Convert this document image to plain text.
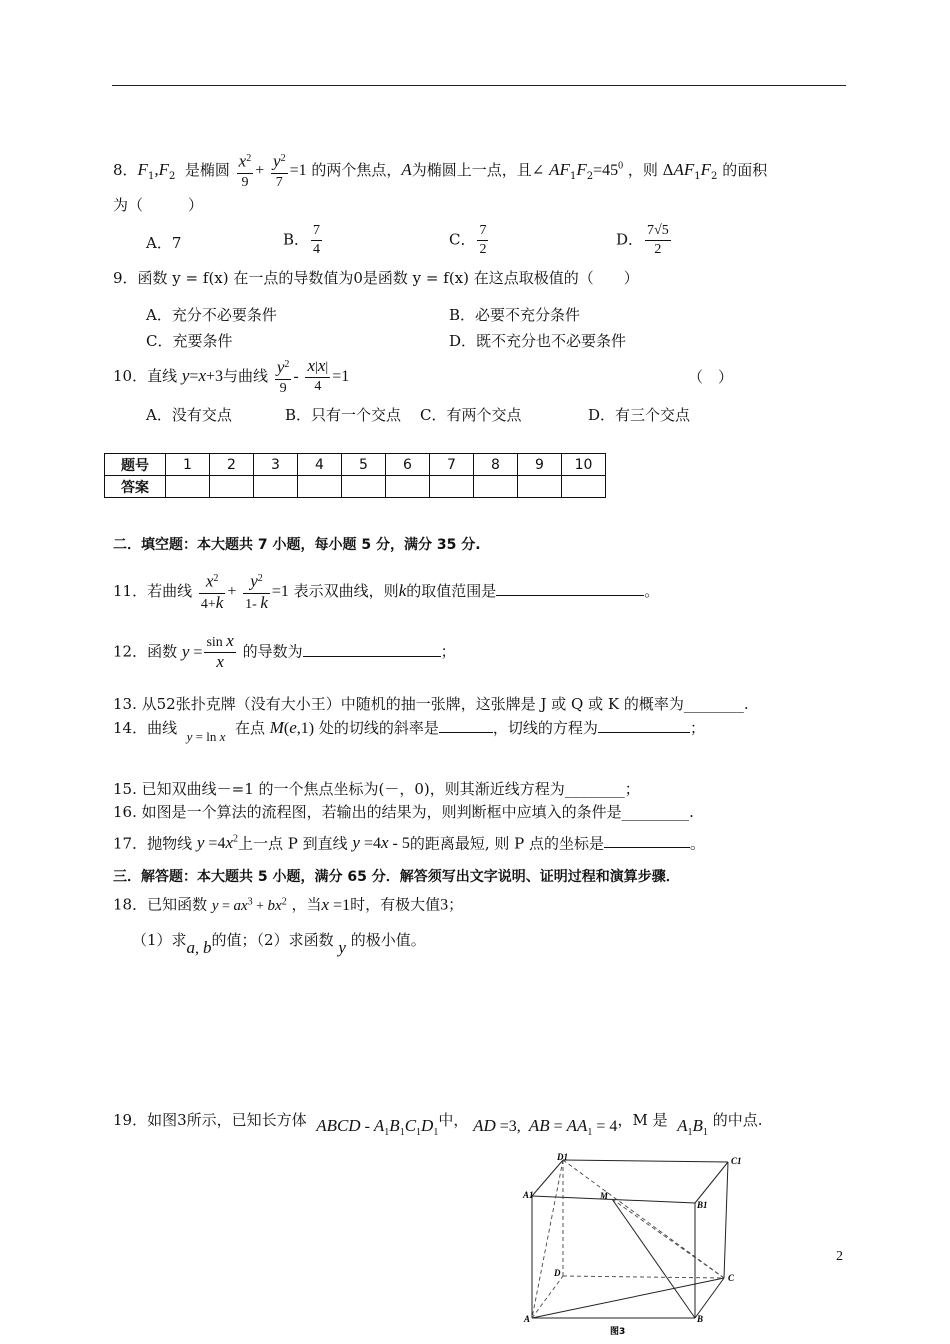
8．$F_1,F_2$ 是椭圆 $\frac{x^2}{9} + \frac{y^2}{7} =1$ 的两个焦点，A为椭圆上一点，且∠ $AF_1F_2=45^0$ ，则 $\Delta AF_1F_2$ 的面积
为（　　　）
A．7	B． $\frac{7}{4}$	C． $\frac{7}{2}$	D． $\frac{7√5}{2}$
9．函数 y = f(x) 在一点的导数值为0是函数 y = f(x) 在这点取极值的（　　）
A．充分不必要条件	B．必要不充分条件
C．充要条件	D．既不充分也不必要条件
10．直线 y=x+3与曲线 $\frac{y^2}{9} - \frac{x|x|}{4} =1$	（　）
A．没有交点	B．只有一个交点 C．有两个交点	D．有三个交点
题号	1	2	3	4	5	6	7	8	9	10
答案										
二．填空题：本大题共 7 小题，每小题 5 分，满分 35 分.
11．若曲线 $\frac{x^2}{4+k} + \frac{y^2}{1- k} =1$ 表示双曲线，则k的取值范围是	。
12．函数 $y = \frac{\text{sin x}}{x}$ 的导数为	；
13. 从52张扑克牌（没有大小王）中随机的抽一张牌，这张牌是 J 或 Q 或 K 的概率为________.
14．曲线 y = ln x 在点 M(e,1) 处的切线的斜率是	，切线的方程为	；
15. 已知双曲线－=1 的一个焦点坐标为(－，0)，则其渐近线方程为________；
16. 如图是一个算法的流程图，若输出的结果为，则判断框中应填入的条件是_________.
17．抛物线 $y =4x^2$上一点 P 到直线 y =4x - 5的距离最短, 则 P 点的坐标是	。
三．解答题：本大题共 5 小题，满分 65 分．解答须写出文字说明、证明过程和演算步骤．
18．已知函数 $y = ax^3 + bx^2$ ，当x =1时，有极大值3；
（1）求a, b的值；（2）求函数 y 的极小值。
19．如图3所示，已知长方体 ABCD - $A_1B_1C_1D_1$中， AD =3,  AB = $AA_1 = 4$，M 是 $A_1B_1$ 的中点.
D1	C1
A1	M
B1
D	C
A	B
图3
2
